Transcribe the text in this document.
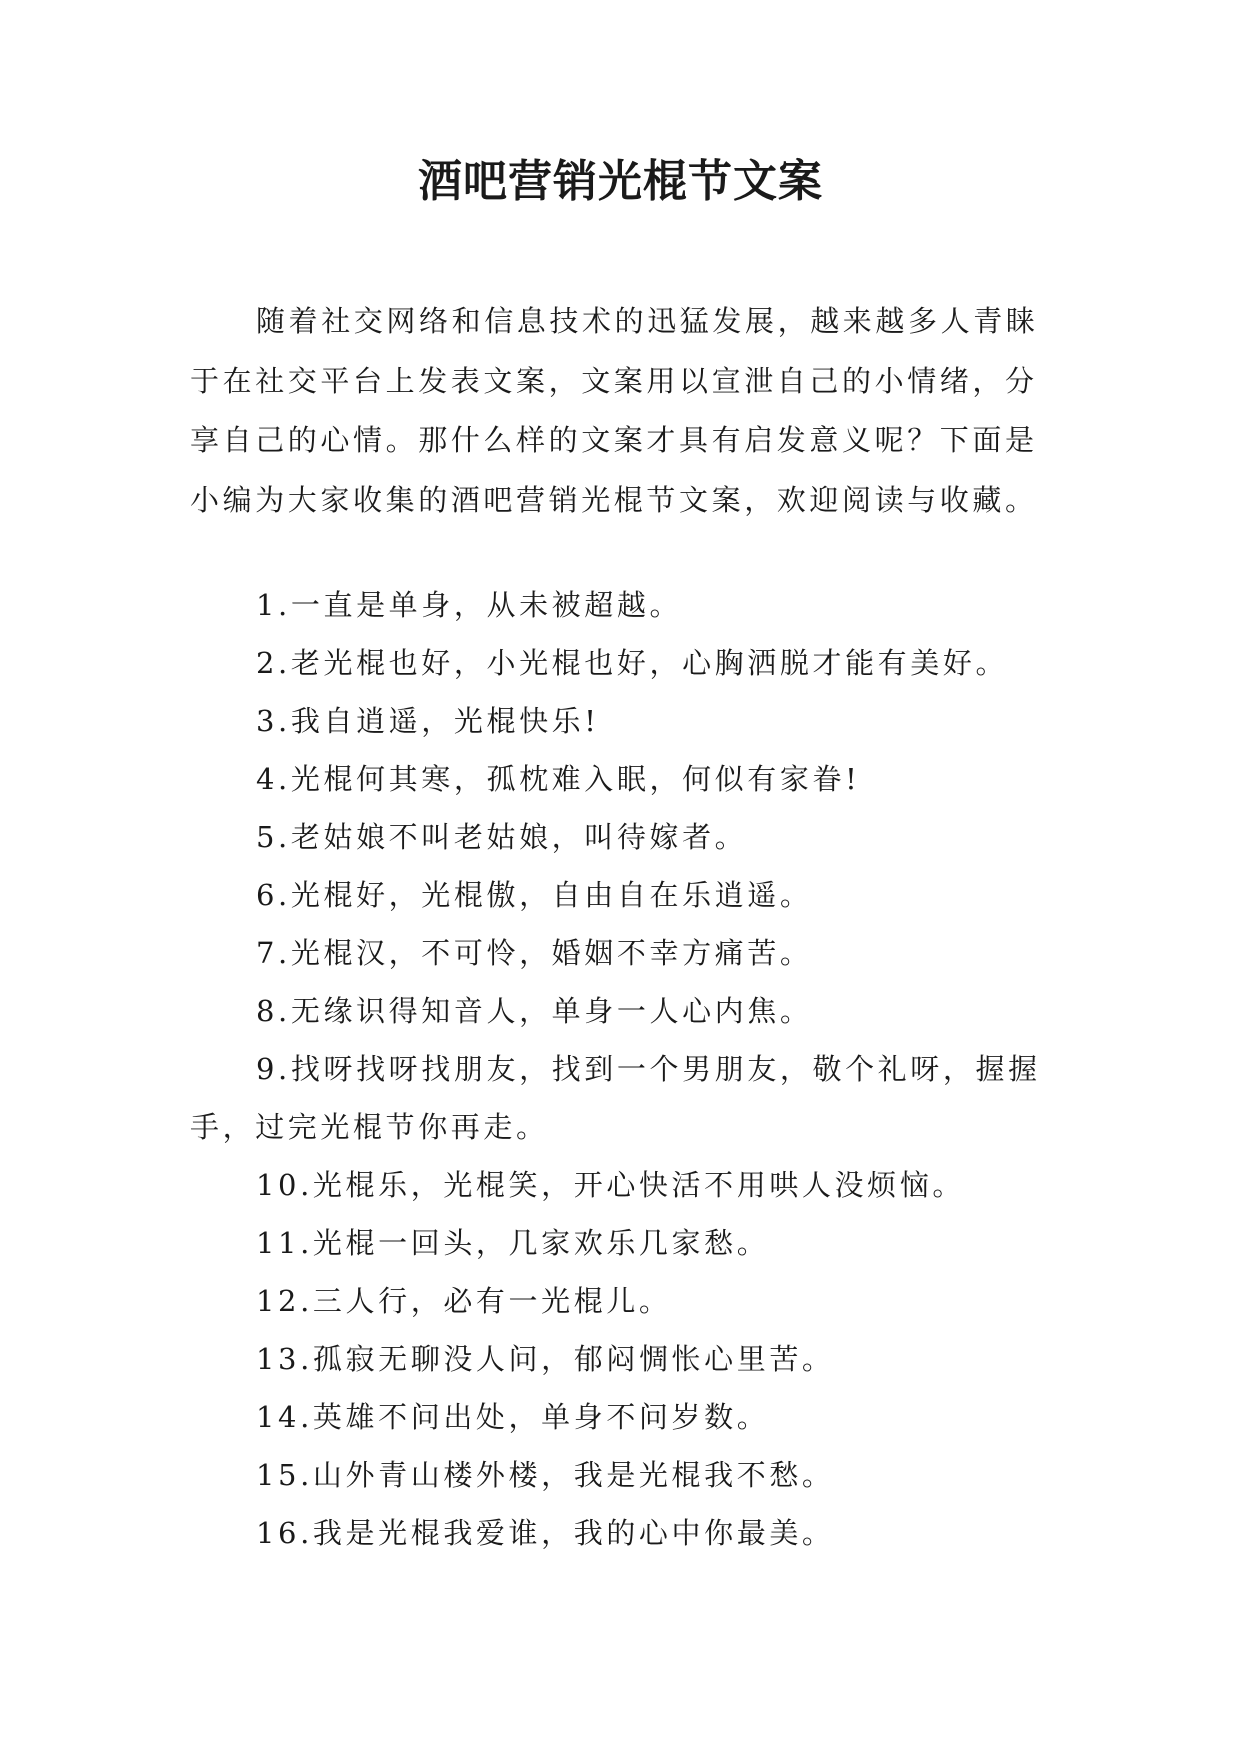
酒吧营销光棍节文案

随着社交网络和信息技术的迅猛发展，越来越多人青睐于在社交平台上发表文案，文案用以宣泄自己的小情绪，分享自己的心情。那什么样的文案才具有启发意义呢？下面是小编为大家收集的酒吧营销光棍节文案，欢迎阅读与收藏。

1.一直是单身，从未被超越。
2.老光棍也好，小光棍也好，心胸洒脱才能有美好。
3.我自逍遥，光棍快乐!
4.光棍何其寒，孤枕难入眠，何似有家眷!
5.老姑娘不叫老姑娘，叫待嫁者。
6.光棍好，光棍傲，自由自在乐逍遥。
7.光棍汉，不可怜，婚姻不幸方痛苦。
8.无缘识得知音人，单身一人心内焦。
9.找呀找呀找朋友，找到一个男朋友，敬个礼呀，握握手，过完光棍节你再走。
10.光棍乐，光棍笑，开心快活不用哄人没烦恼。
11.光棍一回头，几家欢乐几家愁。
12.三人行，必有一光棍儿。
13.孤寂无聊没人问，郁闷惆怅心里苦。
14.英雄不问出处，单身不问岁数。
15.山外青山楼外楼，我是光棍我不愁。
16.我是光棍我爱谁，我的心中你最美。
